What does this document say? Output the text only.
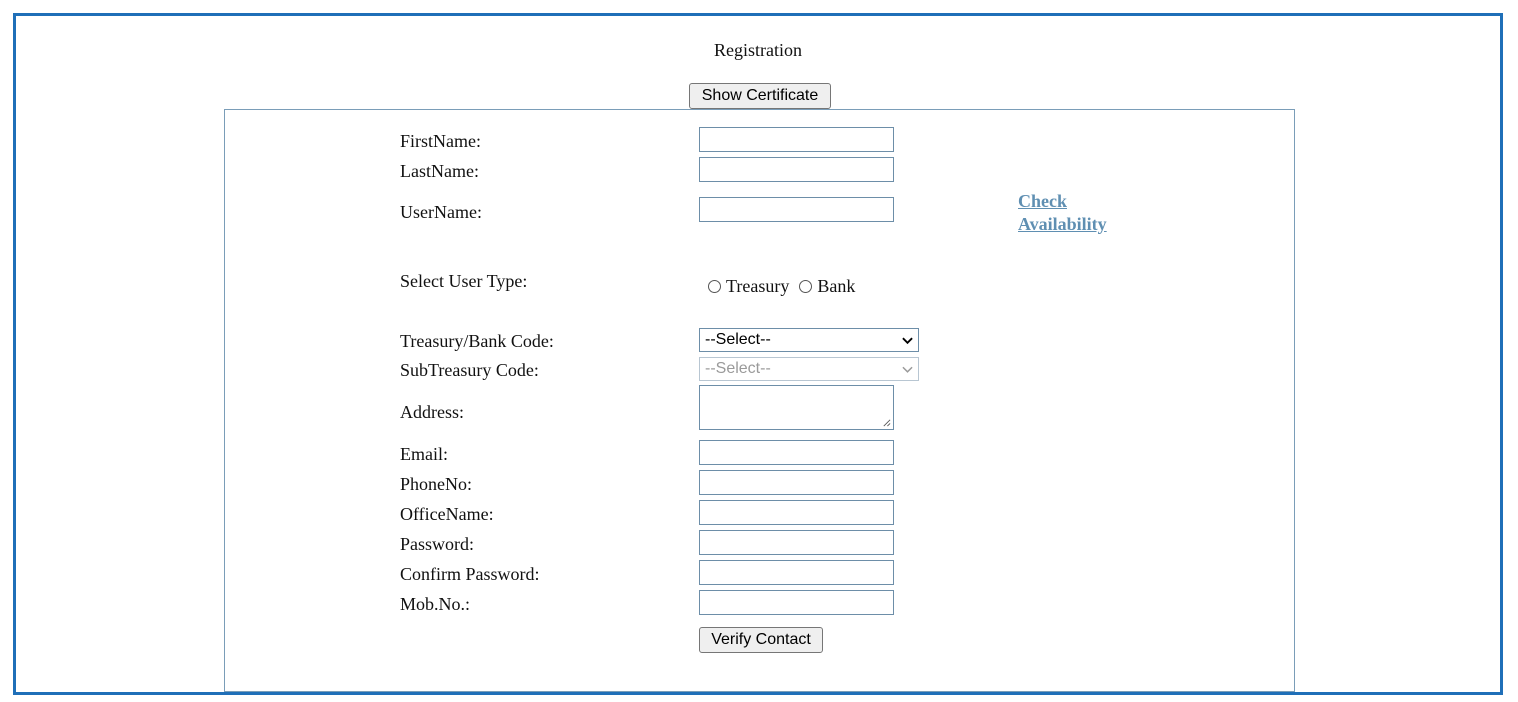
Registration
Show Certificate
FirstName:
LastName:
UserName:
Check Availability
Select User Type:	Treasury Bank
Treasury/Bank Code:	--Select--
SubTreasury Code:	--Select--
Address:
Email:
PhoneNo:
OfficeName:
Password:
Confirm Password:
Mob.No.:
Verify Contact
